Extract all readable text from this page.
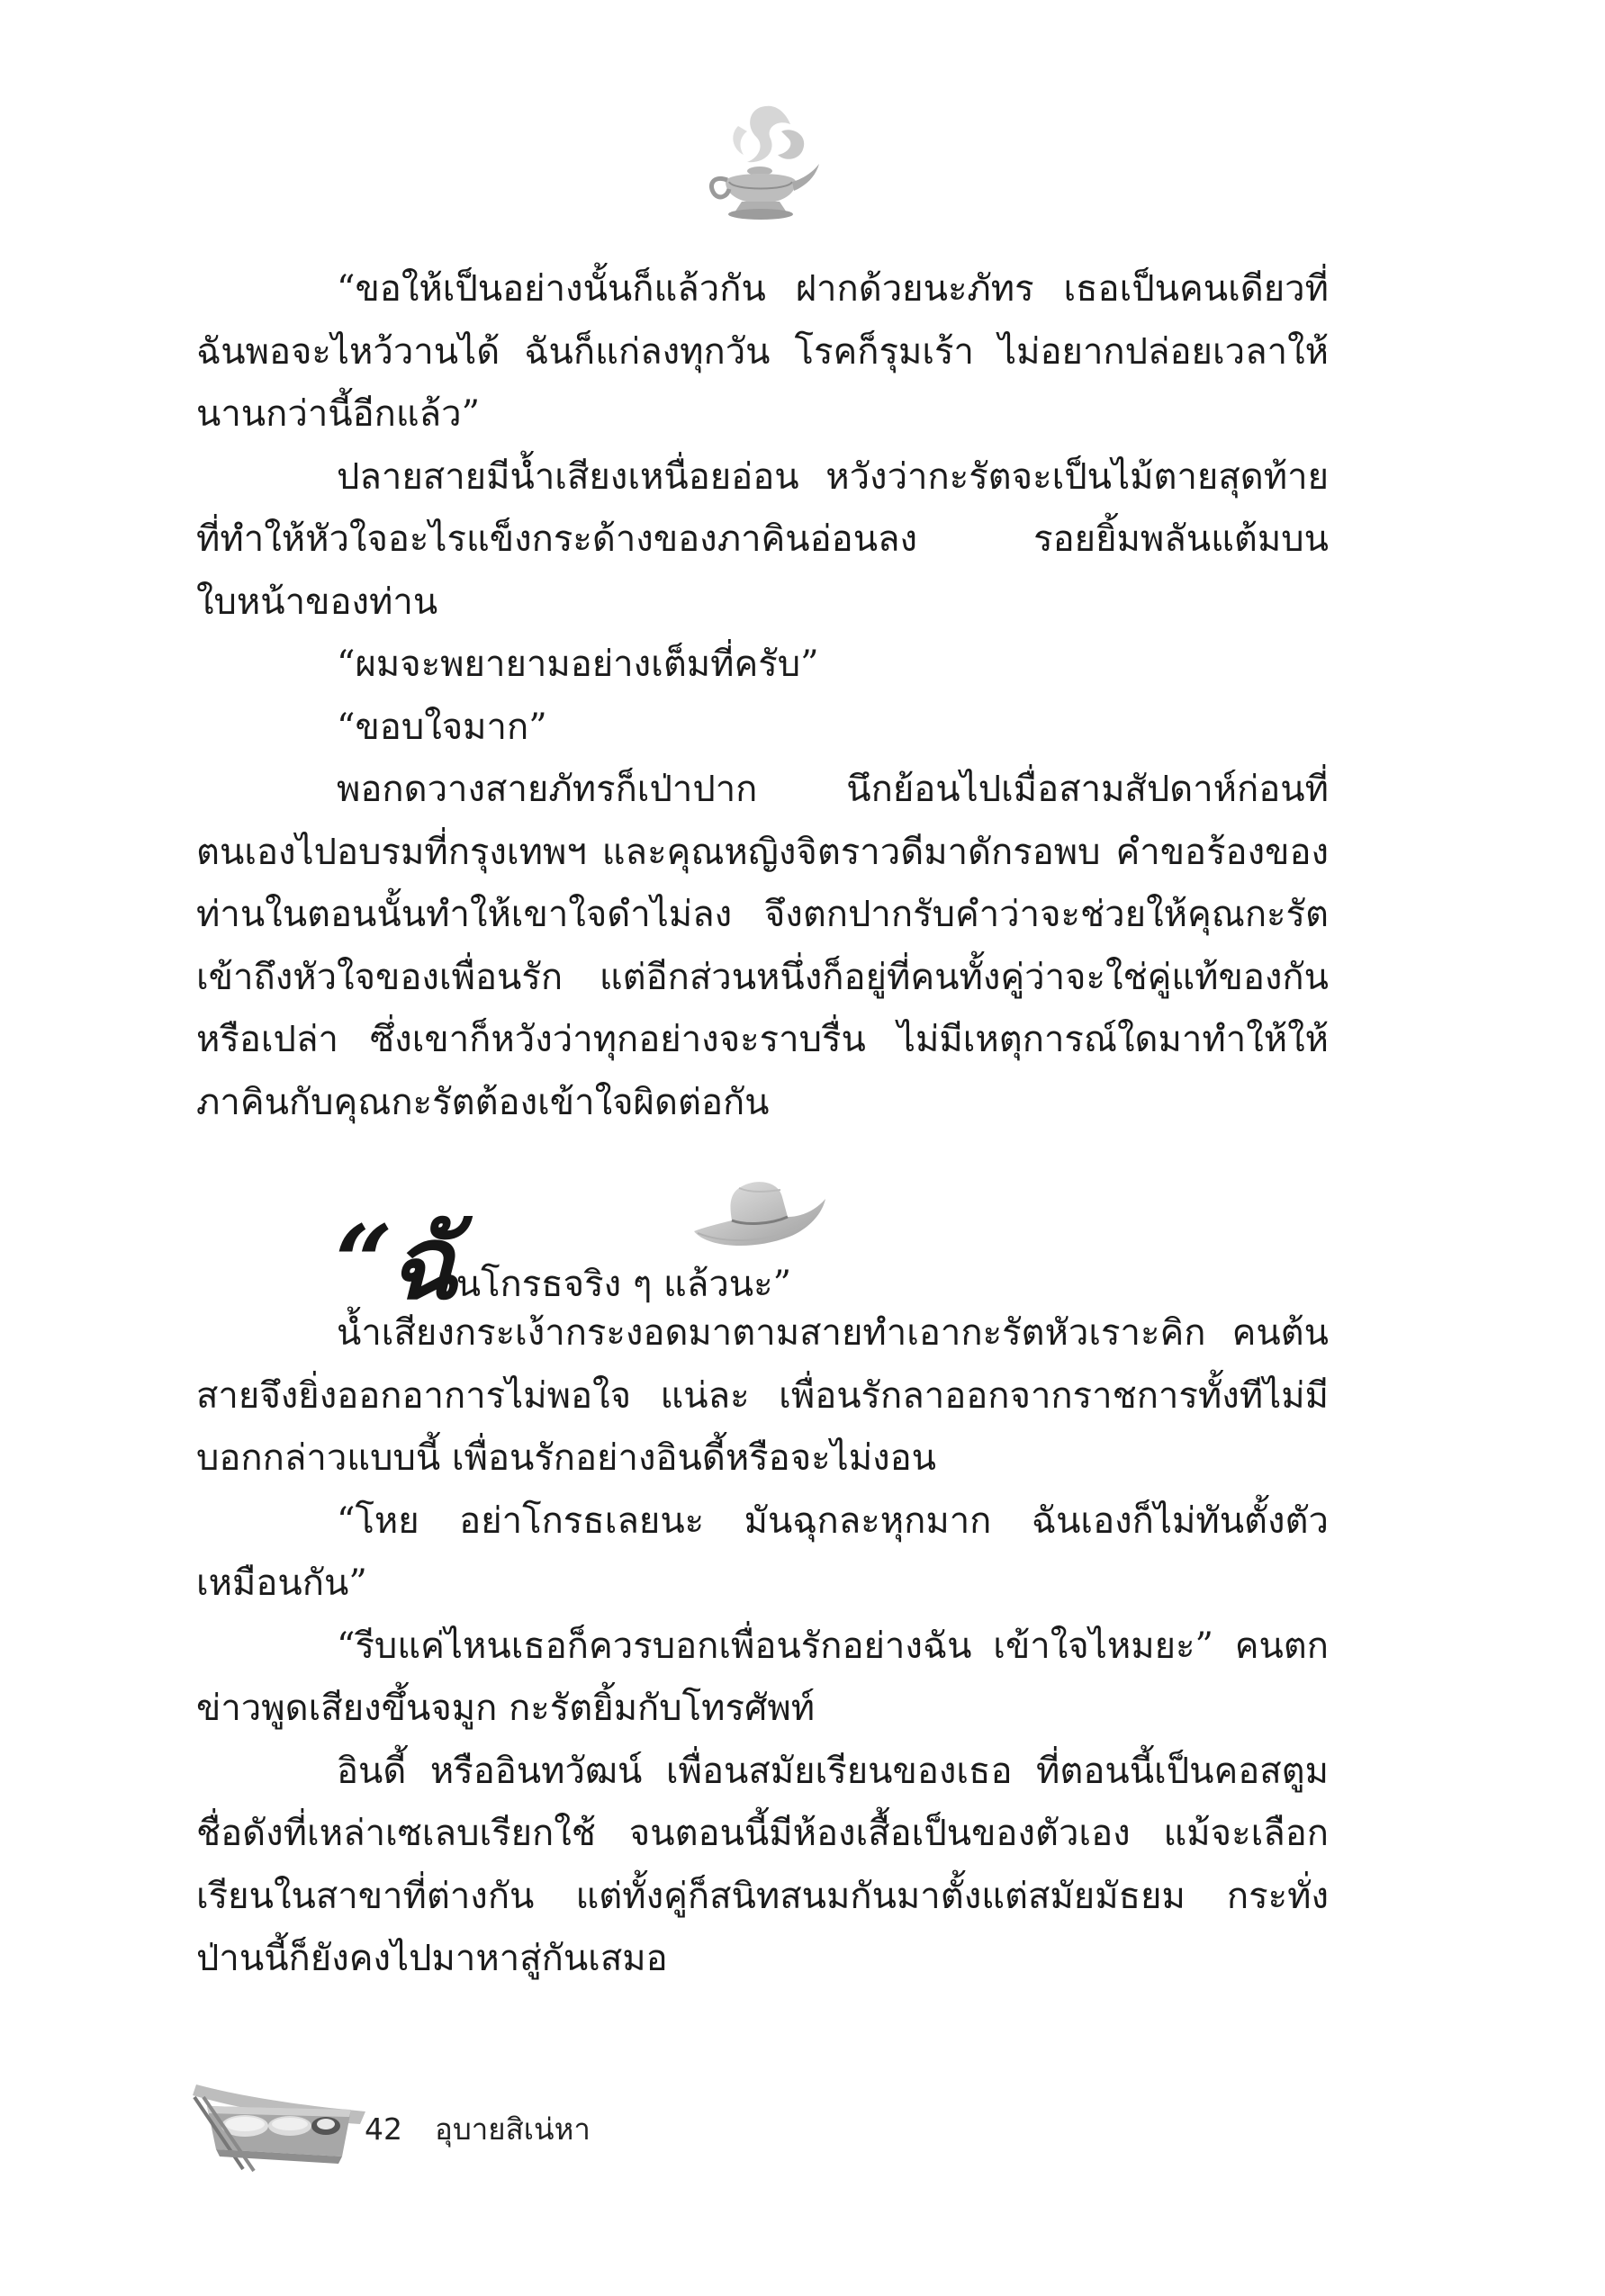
“ขอให้เป็นอย่างนั้นก็แล้วกัน ฝากด้วยนะภัทร เธอเป็นคนเดียวที่ฉันพอจะไหว้วานได้ ฉันก็แก่ลงทุกวัน โรคก็รุมเร้า ไม่อยากปล่อยเวลาให้นานกว่านี้อีกแล้ว”

ปลายสายมีน้ำเสียงเหนื่อยอ่อน หวังว่ากะรัตจะเป็นไม้ตายสุดท้ายที่ทำให้หัวใจอะไรแข็งกระด้างของภาคินอ่อนลง รอยยิ้มพลันแต้มบนใบหน้าของท่าน

“ผมจะพยายามอย่างเต็มที่ครับ”

“ขอบใจมาก”

พอกดวางสายภัทรก็เป่าปาก นึกย้อนไปเมื่อสามสัปดาห์ก่อนที่ตนเองไปอบรมที่กรุงเทพฯ และคุณหญิงจิตราวดีมาดักรอพบ คำขอร้องของท่านในตอนนั้นทำให้เขาใจดำไม่ลง จึงตกปากรับคำว่าจะช่วยให้คุณกะรัตเข้าถึงหัวใจของเพื่อนรัก แต่อีกส่วนหนึ่งก็อยู่ที่คนทั้งคู่ว่าจะใช่คู่แท้ของกันหรือเปล่า ซึ่งเขาก็หวังว่าทุกอย่างจะราบรื่น ไม่มีเหตุการณ์ใดมาทำให้ให้ภาคินกับคุณกะรัตต้องเข้าใจผิดต่อกัน

“ฉั นโกรธจริง ๆ แล้วนะ”

น้ำเสียงกระเง้ากระงอดมาตามสายทำเอากะรัตหัวเราะคิก คนต้นสายจึงยิ่งออกอาการไม่พอใจ แน่ละ เพื่อนรักลาออกจากราชการทั้งทีไม่มีบอกกล่าวแบบนี้ เพื่อนรักอย่างอินดี้หรือจะไม่งอน

“โหย อย่าโกรธเลยนะ มันฉุกละหุกมาก ฉันเองก็ไม่ทันตั้งตัวเหมือนกัน”

“รีบแค่ไหนเธอก็ควรบอกเพื่อนรักอย่างฉัน เข้าใจไหมยะ” คนตกข่าวพูดเสียงขึ้นจมูก กะรัตยิ้มกับโทรศัพท์

อินดี้ หรืออินทวัฒน์ เพื่อนสมัยเรียนของเธอ ที่ตอนนี้เป็นคอสตูมชื่อดังที่เหล่าเซเลบเรียกใช้ จนตอนนี้มีห้องเสื้อเป็นของตัวเอง แม้จะเลือกเรียนในสาขาที่ต่างกัน แต่ทั้งคู่ก็สนิทสนมกันมาตั้งแต่สมัยมัธยม กระทั่งป่านนี้ก็ยังคงไปมาหาสู่กันเสมอ

42 อุบายสิเน่หา
